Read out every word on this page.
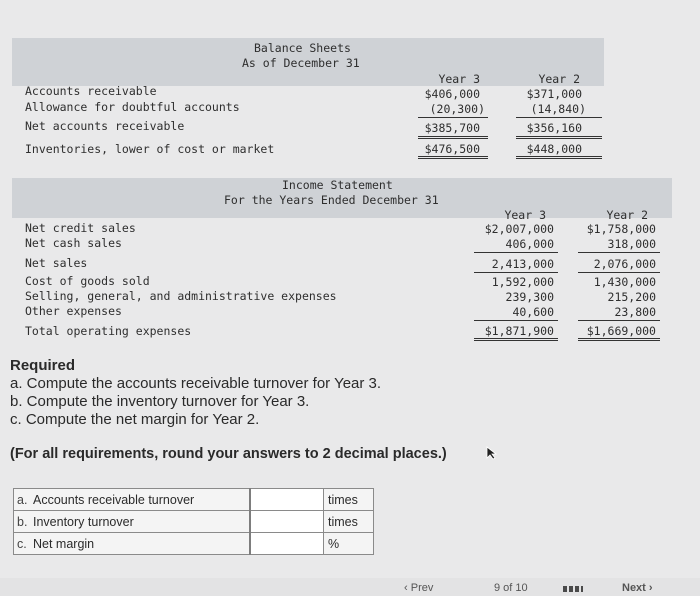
Balance Sheets
As of December 31
Year 3	Year 2
Accounts receivable	$406,000	$371,000
Allowance for doubtful accounts	(20,300)	(14,840)
Net accounts receivable	$385,700	$356,160
Inventories, lower of cost or market	$476,500	$448,000
Income Statement
For the Years Ended December 31
Year 3	Year 2
Net credit sales	$2,007,000	$1,758,000
Net cash sales	406,000	318,000
Net sales	2,413,000	2,076,000
Cost of goods sold	1,592,000	1,430,000
Selling, general, and administrative expenses	239,300	215,200
Other expenses	40,600	23,800
Total operating expenses	$1,871,900	$1,669,000
Required
a. Compute the accounts receivable turnover for Year 3.
b. Compute the inventory turnover for Year 3.
c. Compute the net margin for Year 2.
(For all requirements, round your answers to 2 decimal places.)
a. Accounts receivable turnover		times
b. Inventory turnover		times
c. Net margin		%
‹ Prev	9 of 10	Next ›
